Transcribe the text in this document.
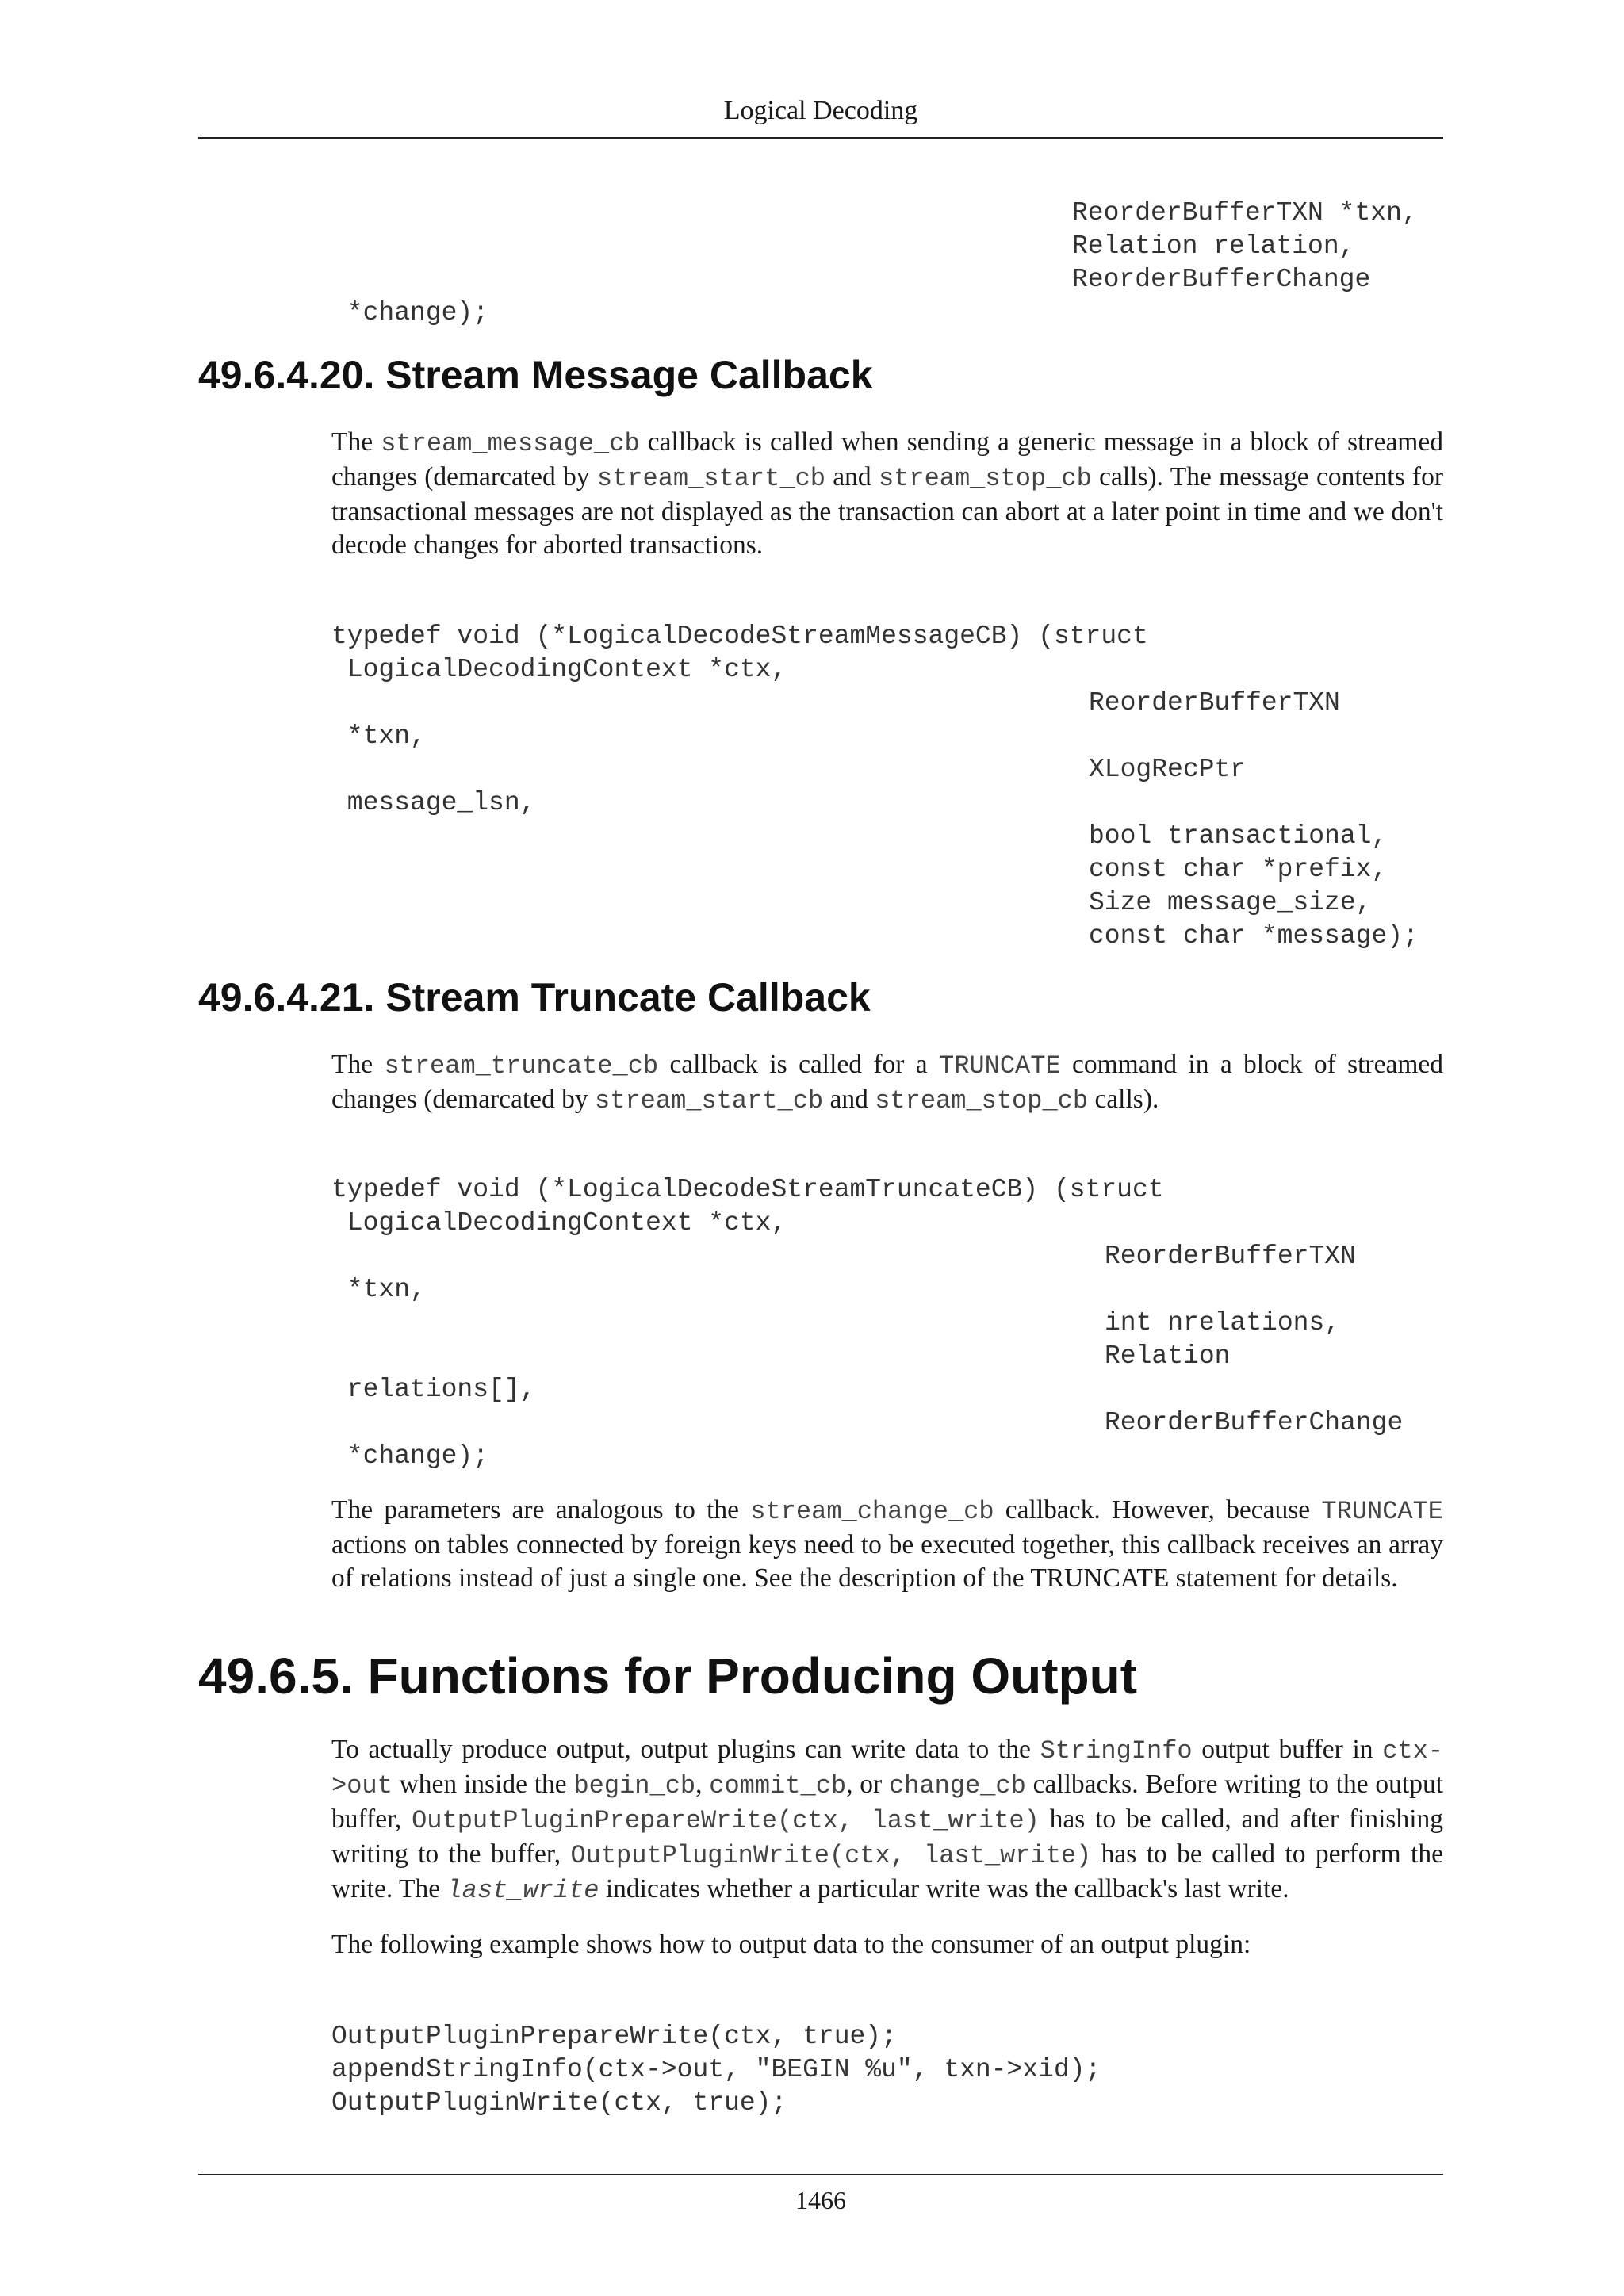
Logical Decoding
ReorderBufferTXN *txn,
Relation relation,
ReorderBufferChange
*change);
49.6.4.20. Stream Message Callback

The stream_message_cb callback is called when sending a generic message in a block of streamed changes (demarcated by stream_start_cb and stream_stop_cb calls). The message contents for transactional messages are not displayed as the transaction can abort at a later point in time and we don't decode changes for aborted transactions.

typedef void (*LogicalDecodeStreamMessageCB) (struct
LogicalDecodingContext *ctx,
ReorderBufferTXN
*txn,
XLogRecPtr
message_lsn,
bool transactional,
const char *prefix,
Size message_size,
const char *message);
49.6.4.21. Stream Truncate Callback

The stream_truncate_cb callback is called for a TRUNCATE command in a block of streamed changes (demarcated by stream_start_cb and stream_stop_cb calls).

typedef void (*LogicalDecodeStreamTruncateCB) (struct
LogicalDecodingContext *ctx,
ReorderBufferTXN
*txn,
int nrelations,
Relation
relations[],
ReorderBufferChange
*change);

The parameters are analogous to the stream_change_cb callback. However, because TRUNCATE actions on tables connected by foreign keys need to be executed together, this callback receives an array of relations instead of just a single one. See the description of the TRUNCATE statement for details.

49.6.5. Functions for Producing Output

To actually produce output, output plugins can write data to the StringInfo output buffer in ctx->out when inside the begin_cb, commit_cb, or change_cb callbacks. Before writing to the output buffer, OutputPluginPrepareWrite(ctx, last_write) has to be called, and after finishing writing to the buffer, OutputPluginWrite(ctx, last_write) has to be called to perform the write. The last_write indicates whether a particular write was the callback's last write.

The following example shows how to output data to the consumer of an output plugin:

OutputPluginPrepareWrite(ctx, true);
appendStringInfo(ctx->out, "BEGIN %u", txn->xid);
OutputPluginWrite(ctx, true);
1466
